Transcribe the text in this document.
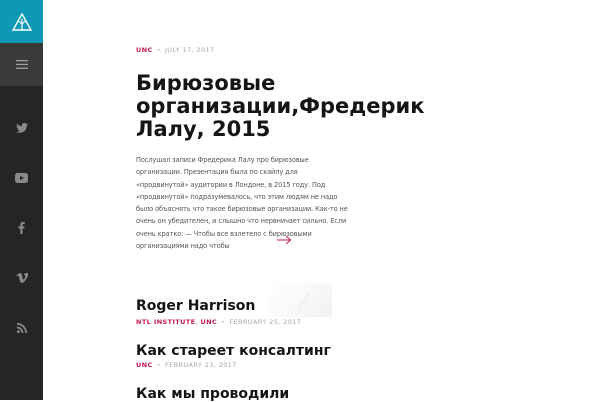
UNC • JULY 17, 2017
Бирюзовые организации,Фредерик Лалу, 2015

Послушал записи Фредерика Лалу про бирюзовые организации. Презентация была по скайпу для «продвинутой» аудитории в Лондоне, в 2015 году. Под «продвинутой» подразумевалось, что этим людям не надо было объяснять что такое бирюзовые организации. Как-то не очень он убедителен, и слышно что нервничает сильно. Если очень кратко: — Чтобы все взлетело с бирюзовыми организациями надо чтобы

Roger Harrison
NTL INSTITUTE, UNC • FEBRUARY 25, 2017
Как стареет консалтинг
UNC • FEBRUARY 23, 2017
Как мы проводили
